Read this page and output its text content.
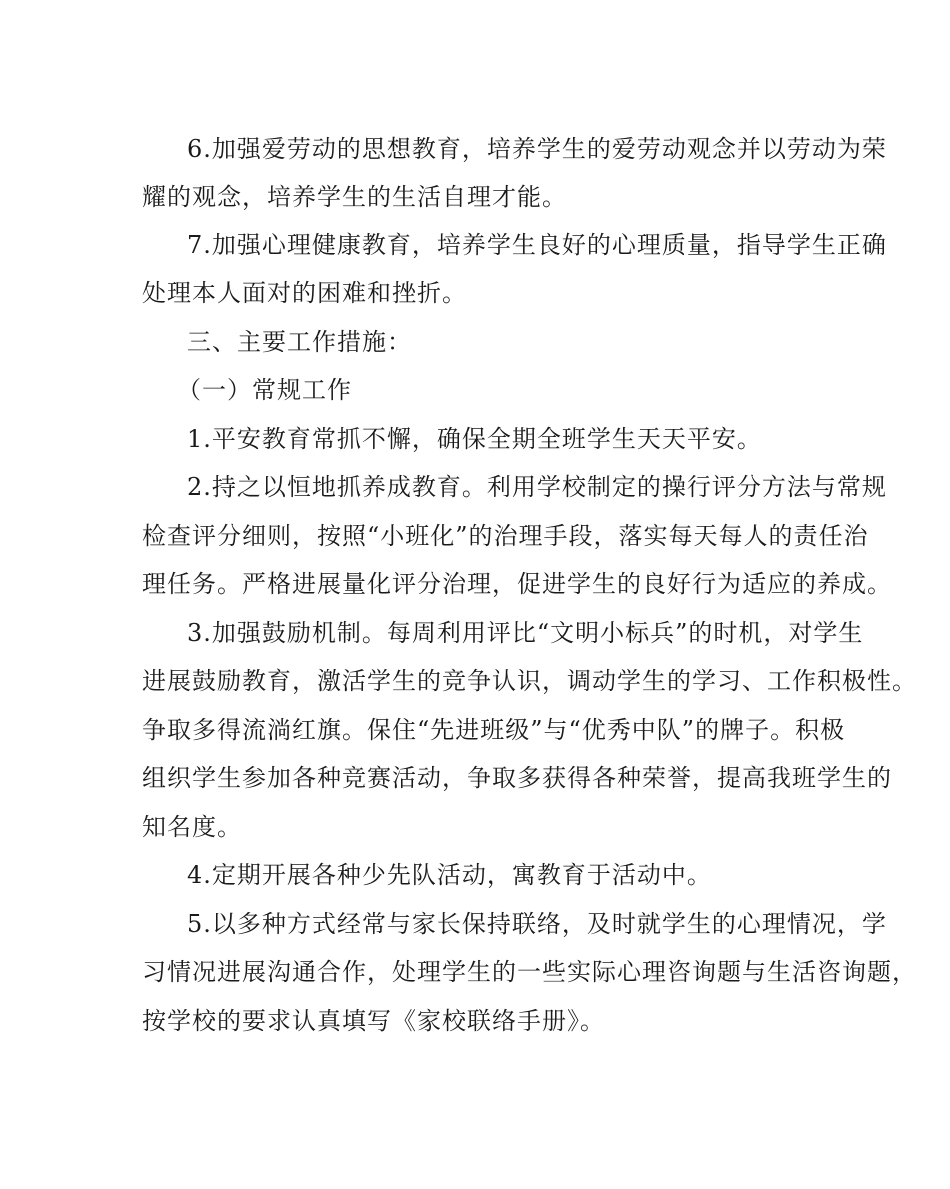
6.加强爱劳动的思想教育，培养学生的爱劳动观念并以劳动为荣
耀的观念，培养学生的生活自理才能。
7.加强心理健康教育，培养学生良好的心理质量，指导学生正确
处理本人面对的困难和挫折。
三、主要工作措施：
（一）常规工作
1.平安教育常抓不懈，确保全期全班学生天天平安。
2.持之以恒地抓养成教育。利用学校制定的操行评分方法与常规
检查评分细则，按照“小班化”的治理手段，落实每天每人的责任治
理任务。严格进展量化评分治理，促进学生的良好行为适应的养成。
3.加强鼓励机制。每周利用评比“文明小标兵”的时机，对学生
进展鼓励教育，激活学生的竞争认识，调动学生的学习、工作积极性。
争取多得流淌红旗。保住“先进班级”与“优秀中队”的牌子。积极
组织学生参加各种竞赛活动，争取多获得各种荣誉，提高我班学生的
知名度。
4.定期开展各种少先队活动，寓教育于活动中。
5.以多种方式经常与家长保持联络，及时就学生的心理情况，学
习情况进展沟通合作，处理学生的一些实际心理咨询题与生活咨询题，
按学校的要求认真填写《家校联络手册》。
